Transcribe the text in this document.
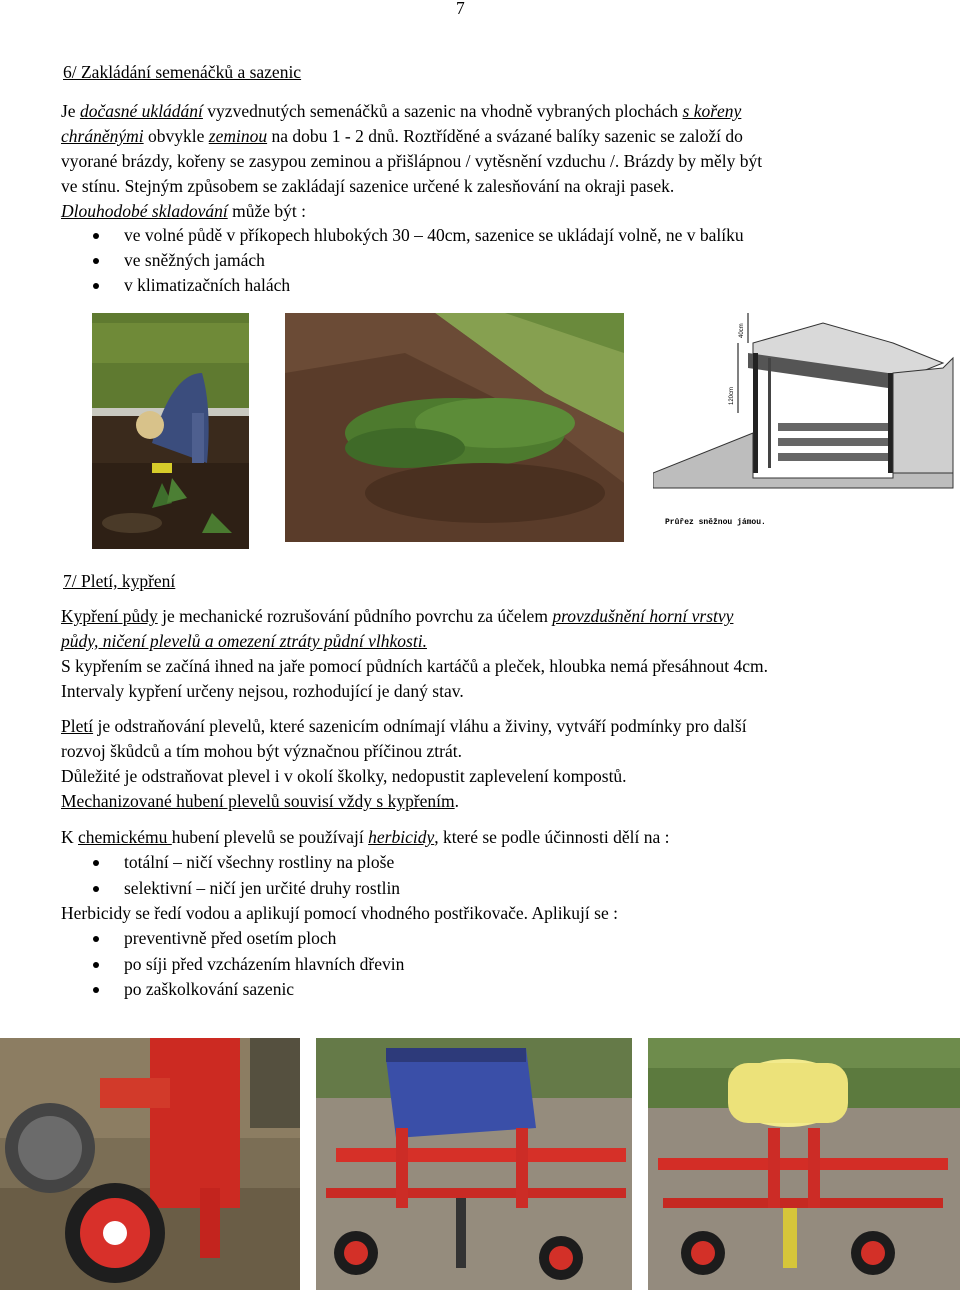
7
6/ Zakládání semenáčků a sazenic
Je dočasné ukládání vyzvednutých semenáčků a sazenic na vhodně vybraných plochách s kořeny
chráněnými obvykle zeminou na dobu 1 - 2 dnů. Roztříděné a svázané balíky sazenic se založí do
vyorané brázdy, kořeny se zasypou zeminou a přišlápnou / vytěsnění vzduchu /. Brázdy by měly být
ve stínu. Stejným způsobem se zakládají sazenice určené k zalesňování na okraji pasek.
Dlouhodobé skladování může být :
ve volné půdě v příkopech hlubokých 30 – 40cm, sazenice se ukládají volně, ne v balíku
ve sněžných jamách
v klimatizačních halách
120cm
40cm
Průřez sněžnou jámou.
7/ Pletí, kypření
Kypření půdy je mechanické rozrušování půdního povrchu za účelem provzdušnění horní vrstvy
půdy, ničení plevelů a omezení ztráty půdní vlhkosti.
S kypřením se začíná ihned na jaře pomocí půdních kartáčů a pleček, hloubka nemá přesáhnout 4cm.
Intervaly kypření určeny nejsou, rozhodující je daný stav.
Pletí je odstraňování plevelů, které sazenicím odnímají vláhu a živiny, vytváří podmínky pro další
rozvoj škůdců a tím mohou být význačnou příčinou ztrát.
Důležité je odstraňovat plevel i v okolí školky, nedopustit zaplevelení kompostů.
Mechanizované hubení plevelů souvisí vždy s kypřením.
K chemickému hubení plevelů se používají herbicidy, které se podle účinnosti dělí na :
totální – ničí všechny rostliny na ploše
selektivní – ničí jen určité druhy rostlin
Herbicidy se ředí vodou a aplikují pomocí vhodného postřikovače. Aplikují se :
preventivně před osetím ploch
po síji před vzcházením hlavních dřevin
po zaškolkování sazenic
